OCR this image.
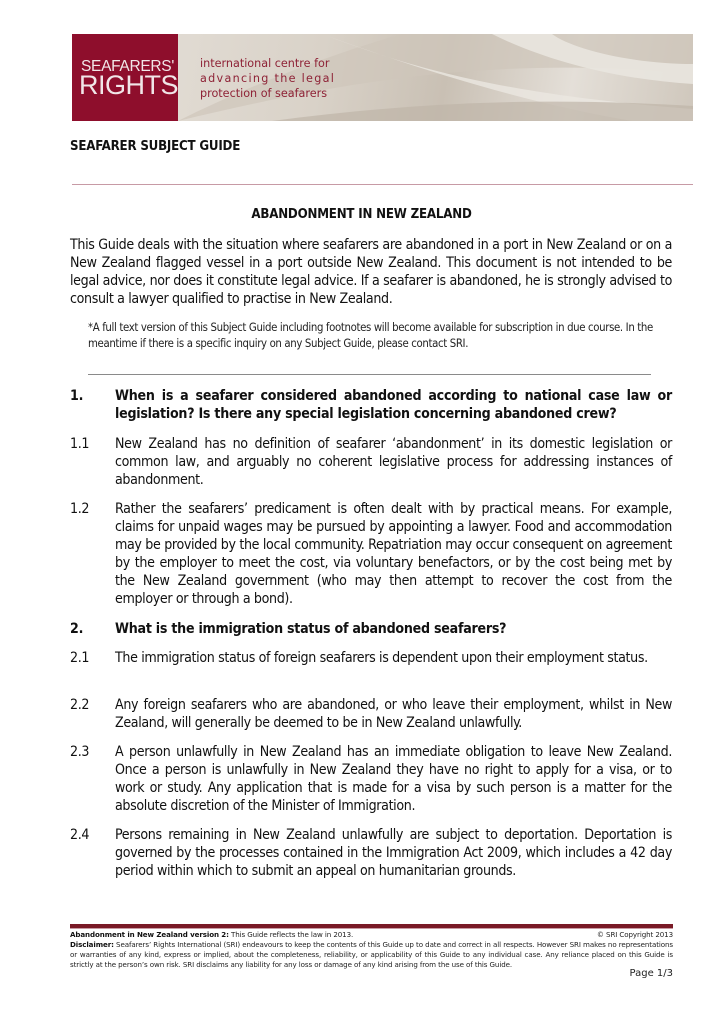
SEAFARERS'
RIGHTS
international centre for
advancing the legal
protection of seafarers
SEAFARER SUBJECT GUIDE
ABANDONMENT IN NEW ZEALAND
This Guide deals with the situation where seafarers are abandoned in a port in New Zealand or on a New Zealand flagged vessel in a port outside New Zealand. This document is not intended to be legal advice, nor does it constitute legal advice. If a seafarer is abandoned, he is strongly advised to consult a lawyer qualified to practise in New Zealand.
*A full text version of this Subject Guide including footnotes will become available for subscription in due course. In the meantime if there is a specific inquiry on any Subject Guide, please contact SRI.
1.	When is a seafarer considered abandoned according to national case law or legislation? Is there any special legislation concerning abandoned crew?
1.1	New Zealand has no definition of seafarer ‘abandonment’ in its domestic legislation or common law, and arguably no coherent legislative process for addressing instances of abandonment.
1.2	Rather the seafarers’ predicament is often dealt with by practical means. For example, claims for unpaid wages may be pursued by appointing a lawyer. Food and accommodation may be provided by the local community. Repatriation may occur consequent on agreement by the employer to meet the cost, via voluntary benefactors, or by the cost being met by the New Zealand government (who may then attempt to recover the cost from the employer or through a bond).
2.	What is the immigration status of abandoned seafarers?
2.1	The immigration status of foreign seafarers is dependent upon their employment status.
2.2	Any foreign seafarers who are abandoned, or who leave their employment, whilst in New Zealand, will generally be deemed to be in New Zealand unlawfully.
2.3	A person unlawfully in New Zealand has an immediate obligation to leave New Zealand. Once a person is unlawfully in New Zealand they have no right to apply for a visa, or to work or study. Any application that is made for a visa by such person is a matter for the absolute discretion of the Minister of Immigration.
2.4	Persons remaining in New Zealand unlawfully are subject to deportation. Deportation is governed by the processes contained in the Immigration Act 2009, which includes a 42 day period within which to submit an appeal on humanitarian grounds.
Abandonment in New Zealand version 2: This Guide reflects the law in 2013.	© SRI Copyright 2013
Disclaimer: Seafarers’ Rights International (SRI) endeavours to keep the contents of this Guide up to date and correct in all respects. However SRI makes no representations or warranties of any kind, express or implied, about the completeness, reliability, or applicability of this Guide to any individual case. Any reliance placed on this Guide is strictly at the person’s own risk. SRI disclaims any liability for any loss or damage of any kind arising from the use of this Guide.
Page 1/3
